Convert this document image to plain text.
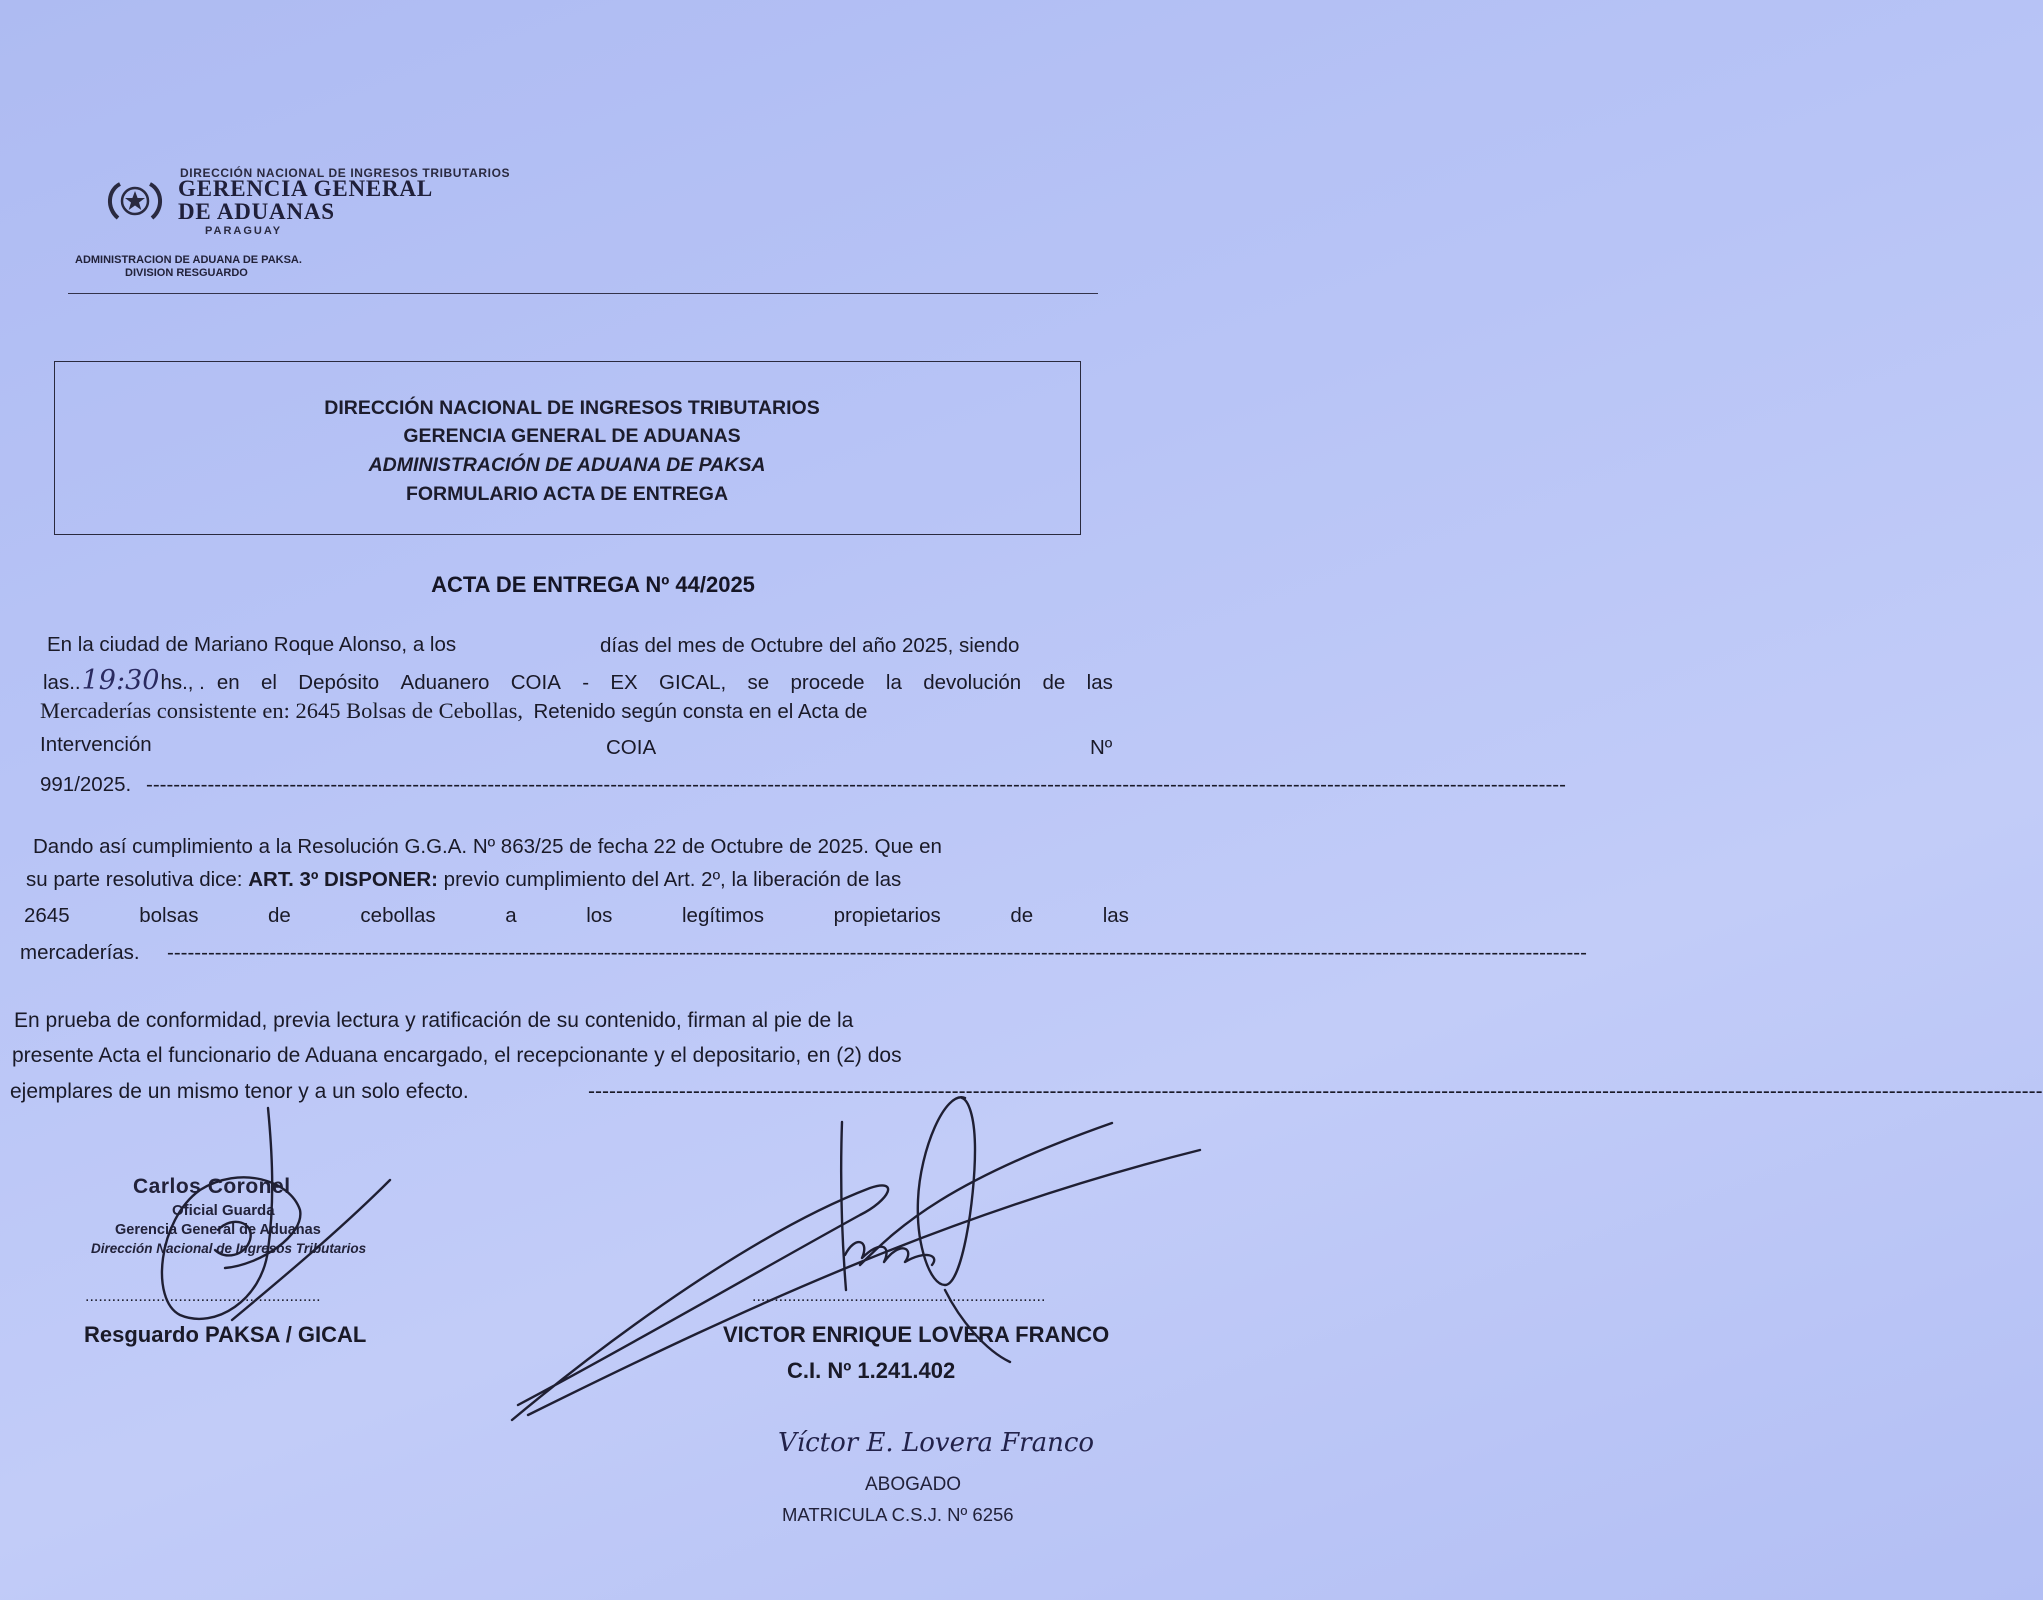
DIRECCIÓN NACIONAL DE INGRESOS TRIBUTARIOS
GERENCIA GENERAL
DE ADUANAS
PARAGUAY
ADMINISTRACION DE ADUANA DE PAKSA.
DIVISION RESGUARDO
DIRECCIÓN NACIONAL DE INGRESOS TRIBUTARIOS
GERENCIA GENERAL DE ADUANAS
ADMINISTRACIÓN DE ADUANA DE PAKSA
FORMULARIO ACTA DE ENTREGA
ACTA DE ENTREGA Nº 44/2025
En la ciudad de Mariano Roque Alonso, a los	días del mes de Octubre del año 2025, siendo
las .. 19:30 hs., . en el Depósito Aduanero COIA - EX GICAL, se procede la devolución de las
Mercaderías consistente en: 2645 Bolsas de Cebollas, Retenido según consta en el Acta de
Intervención	COIA	Nº
991/2025. ----------------------------------------------------------------------------------------------------------------------------------------------------------------------------------------------------------------
Dando así cumplimiento a la Resolución G.G.A. Nº 863/25 de fecha 22 de Octubre de 2025. Que en
su parte resolutiva dice: ART. 3º DISPONER: previo cumplimiento del Art. 2º, la liberación de las
2645	bolsas	de	cebollas	a	los	legítimos	propietarios	de	las
mercaderías. ----------------------------------------------------------------------------------------------------------------------------------------------------------------------------------------------------------------
En prueba de conformidad, previa lectura y ratificación de su contenido, firman al pie de la
presente Acta el funcionario de Aduana encargado, el recepcionante y el depositario, en (2) dos
ejemplares de un mismo tenor y a un solo efecto.	----------------------------------------------------------------------------------------------------------------------------------------------------------------------------------------------------------------
Carlos Coronel
Oficial Guarda
Gerencia General de Aduanas
Dirección Nacional de Ingresos Tributarios
.....................................................
Resguardo PAKSA / GICAL
..................................................................
VICTOR ENRIQUE LOVERA FRANCO
C.I. Nº 1.241.402
Víctor E. Lovera Franco
ABOGADO
MATRICULA C.S.J. Nº 6256
